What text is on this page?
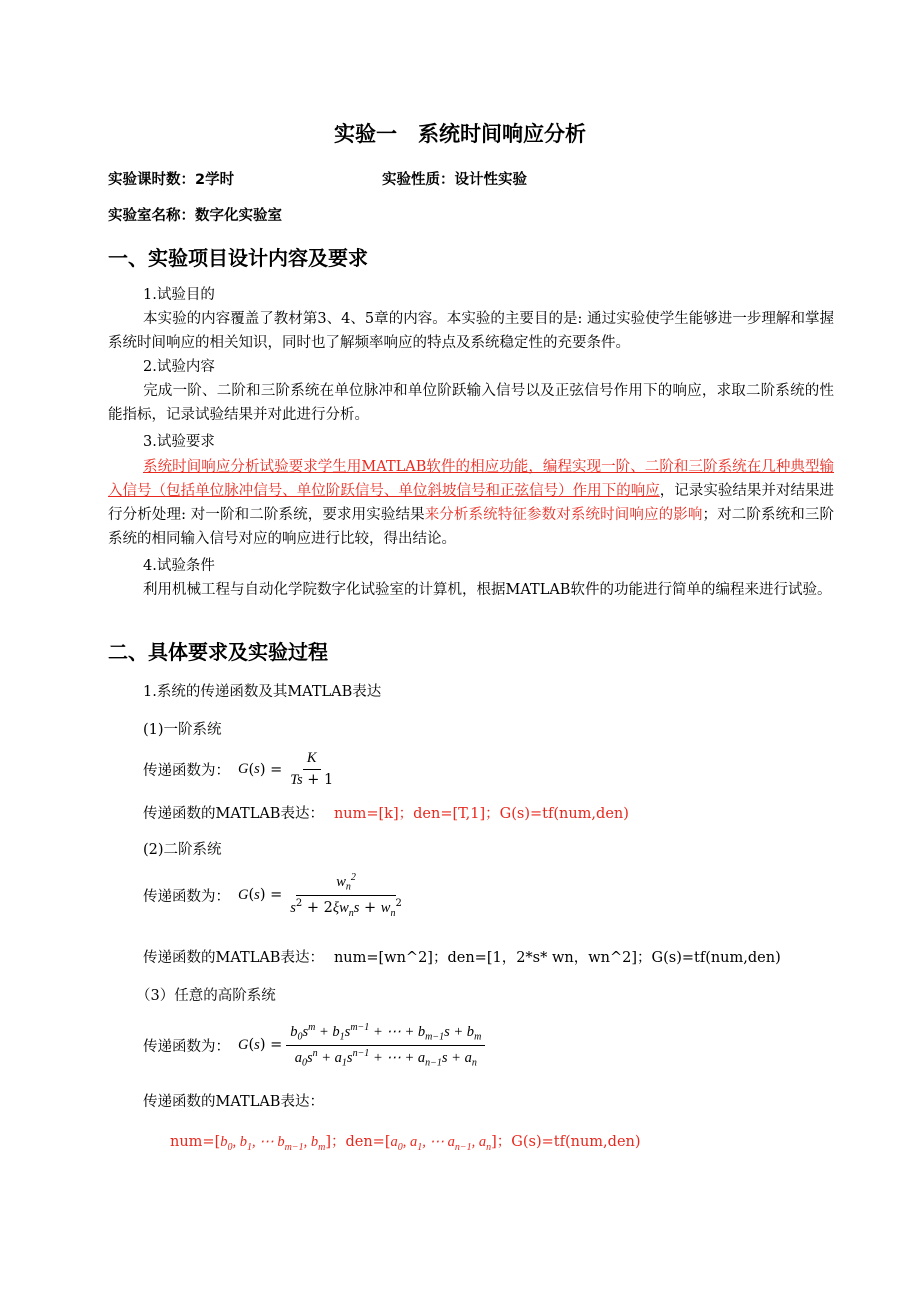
实验一　系统时间响应分析
实验课时数：2学时	实验性质：设计性实验
实验室名称：数字化实验室
一、实验项目设计内容及要求
1.试验目的
本实验的内容覆盖了教材第3、4、5章的内容。本实验的主要目的是: 通过实验使学生能够进一步理解和掌握系统时间响应的相关知识，同时也了解频率响应的特点及系统稳定性的充要条件。
2.试验内容
完成一阶、二阶和三阶系统在单位脉冲和单位阶跃输入信号以及正弦信号作用下的响应，求取二阶系统的性能指标，记录试验结果并对此进行分析。
3.试验要求
系统时间响应分析试验要求学生用MATLAB软件的相应功能，编程实现一阶、二阶和三阶系统在几种典型输入信号（包括单位脉冲信号、单位阶跃信号、单位斜坡信号和正弦信号）作用下的响应，记录实验结果并对结果进行分析处理: 对一阶和二阶系统，要求用实验结果来分析系统特征参数对系统时间响应的影响；对二阶系统和三阶系统的相同输入信号对应的响应进行比较，得出结论。
4.试验条件
利用机械工程与自动化学院数字化试验室的计算机，根据MATLAB软件的功能进行简单的编程来进行试验。
二、具体要求及实验过程
1.系统的传递函数及其MATLAB表达
(1)一阶系统
传递函数为： G ( s ) = $\frac{K}{Ts + 1}$
传递函数的MATLAB表达： num=[k]；den=[T,1]；G(s)=tf(num,den)
(2)二阶系统
传递函数为： G ( s ) = $\frac{w_n^2}{s^2 + 2\xi w_ns + w_n^2}$
传递函数的MATLAB表达： num=[wn^2]；den=[1，2*s* wn，wn^2]；G(s)=tf(num,den)
（3）任意的高阶系统
传递函数为： G ( s ) = $\frac{b_0s^m + b_1s^{m-1} + \cdots + b_{m-1}s + b_m}{a_0s^n + a_1s^{n-1} + \cdots + a_{n-1}s + a_n}$
传递函数的MATLAB表达：
$num=[b_0$, $b_1$, ⋯ $b_{m-1}$, $b_m$]；$den=[a_0$, $a_1$, ⋯ $a_{n-1}$, $a_n$]；G(s)=tf(num,den)
